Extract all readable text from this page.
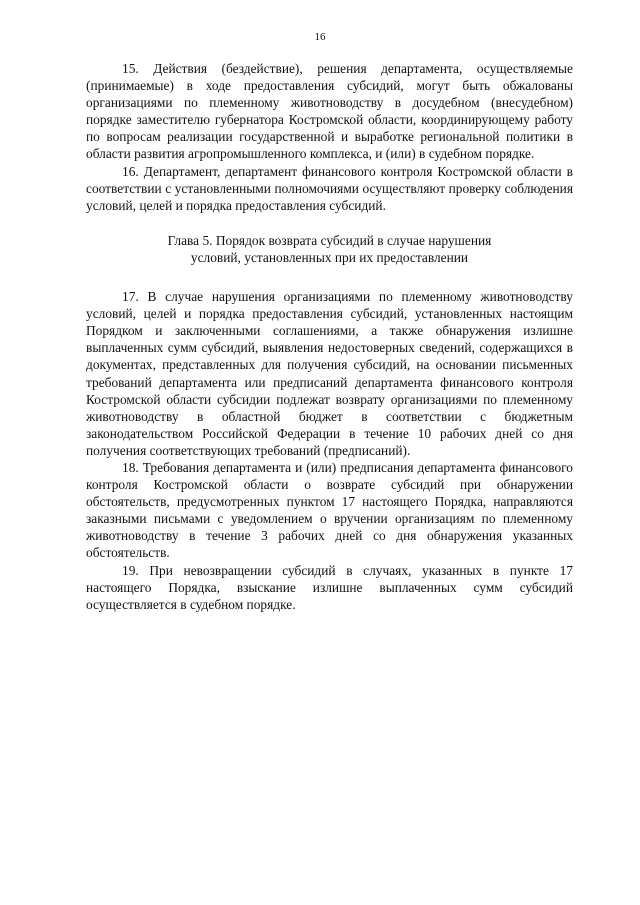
16

15. Действия (бездействие), решения департамента, осуществляемые (принимаемые) в ходе предоставления субсидий, могут быть обжалованы организациями по племенному животноводству в досудебном (внесудебном) порядке заместителю губернатора Костромской области, координирующему работу по вопросам реализации государственной и выработке региональной политики в области развития агропромышленного комплекса, и (или) в судебном порядке.

16. Департамент, департамент финансового контроля Костромской области в соответствии с установленными полномочиями осуществляют проверку соблюдения условий, целей и порядка предоставления субсидий.

Глава 5. Порядок возврата субсидий в случае нарушения
условий, установленных при их предоставлении

17. В случае нарушения организациями по племенному животноводству условий, целей и порядка предоставления субсидий, установленных настоящим Порядком и заключенными соглашениями, а также обнаружения излишне выплаченных сумм субсидий, выявления недостоверных сведений, содержащихся в документах, представленных для получения субсидий, на основании письменных требований департамента или предписаний департамента финансового контроля Костромской области субсидии подлежат возврату организациями по племенному животноводству в областной бюджет в соответствии с бюджетным законодательством Российской Федерации в течение 10 рабочих дней со дня получения соответствующих требований (предписаний).

18. Требования департамента и (или) предписания департамента финансового контроля Костромской области о возврате субсидий при обнаружении обстоятельств, предусмотренных пунктом 17 настоящего Порядка, направляются заказными письмами с уведомлением о вручении организациям по племенному животноводству в течение 3 рабочих дней со дня обнаружения указанных обстоятельств.

19. При невозвращении субсидий в случаях, указанных в пункте 17 настоящего Порядка, взыскание излишне выплаченных сумм субсидий осуществляется в судебном порядке.
